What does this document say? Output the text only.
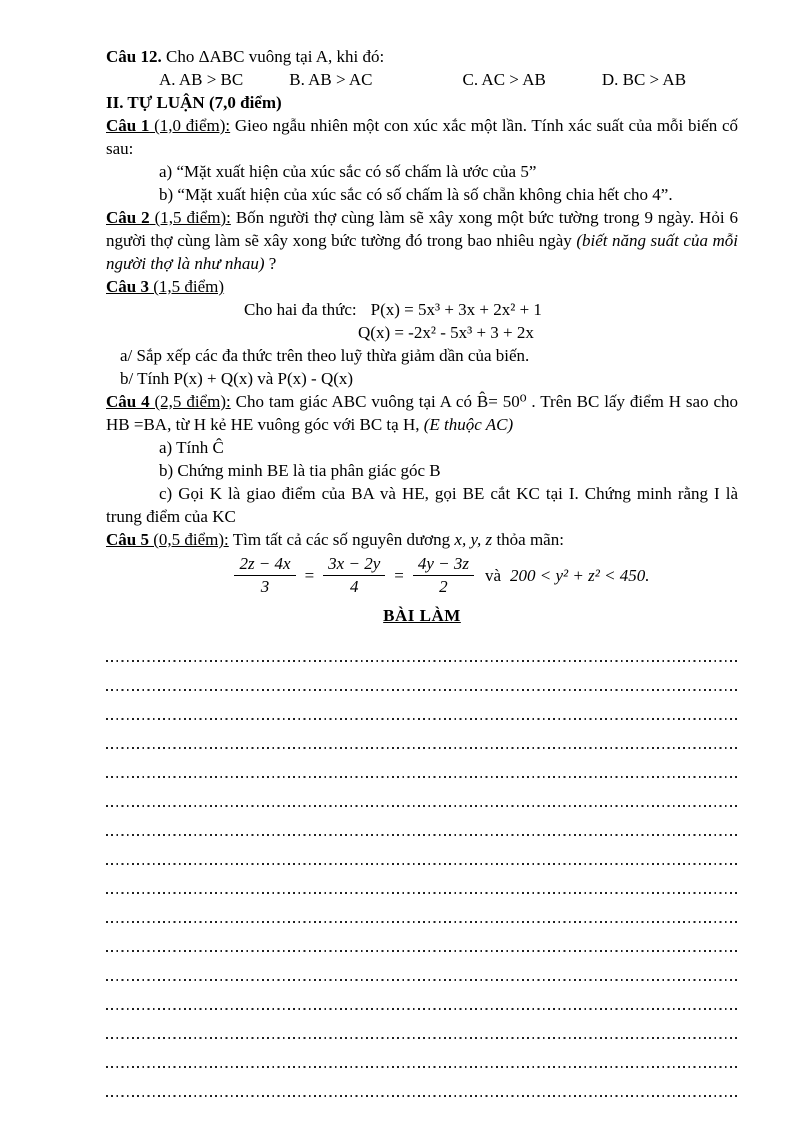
Câu 12. Cho ΔABC vuông tại A, khi đó:

A. AB > BC	B. AB > AC	C. AC > AB	D. BC > AB

II. TỰ LUẬN (7,0 điểm)

Câu 1 (1,0 điểm): Gieo ngẫu nhiên một con xúc xắc một lần. Tính xác suất của mỗi biến cố sau:

a) “Mặt xuất hiện của xúc sắc có số chấm là ước của 5”

b) “Mặt xuất hiện của xúc sắc có số chấm là số chẵn không chia hết cho 4”.

Câu 2 (1,5 điểm): Bốn người thợ cùng làm sẽ xây xong một bức tường trong 9 ngày. Hỏi 6 người thợ cùng làm sẽ xây xong bức tường đó trong bao nhiêu ngày (biết năng suất của mỗi người thợ là như nhau) ?

Câu 3 (1,5 điểm)

Cho hai đa thức: P(x) = 5x³ + 3x + 2x² + 1

Q(x) = -2x² - 5x³ + 3 + 2x

a/ Sắp xếp các đa thức trên theo luỹ thừa giảm dần của biến.

b/ Tính P(x) + Q(x) và P(x) - Q(x)

Câu 4 (2,5 điểm): Cho tam giác ABC vuông tại A có B̂= 50⁰ . Trên BC lấy điểm H sao cho HB =BA, từ H kẻ HE vuông góc với BC tạ H, (E thuộc AC)

a) Tính Ĉ

b) Chứng minh BE là tia phân giác góc B

c) Gọi K là giao điểm của BA và HE, gọi BE cắt KC tại I. Chứng minh rằng I là trung điểm của KC

Câu 5 (0,5 điểm): Tìm tất cả các số nguyên dương x, y, z thỏa mãn:

$\frac{2z - 4x}{3} = \frac{3x - 2y}{4} = \frac{4y - 3z}{2}$ và 200 < y² + z² < 450.

BÀI LÀM
